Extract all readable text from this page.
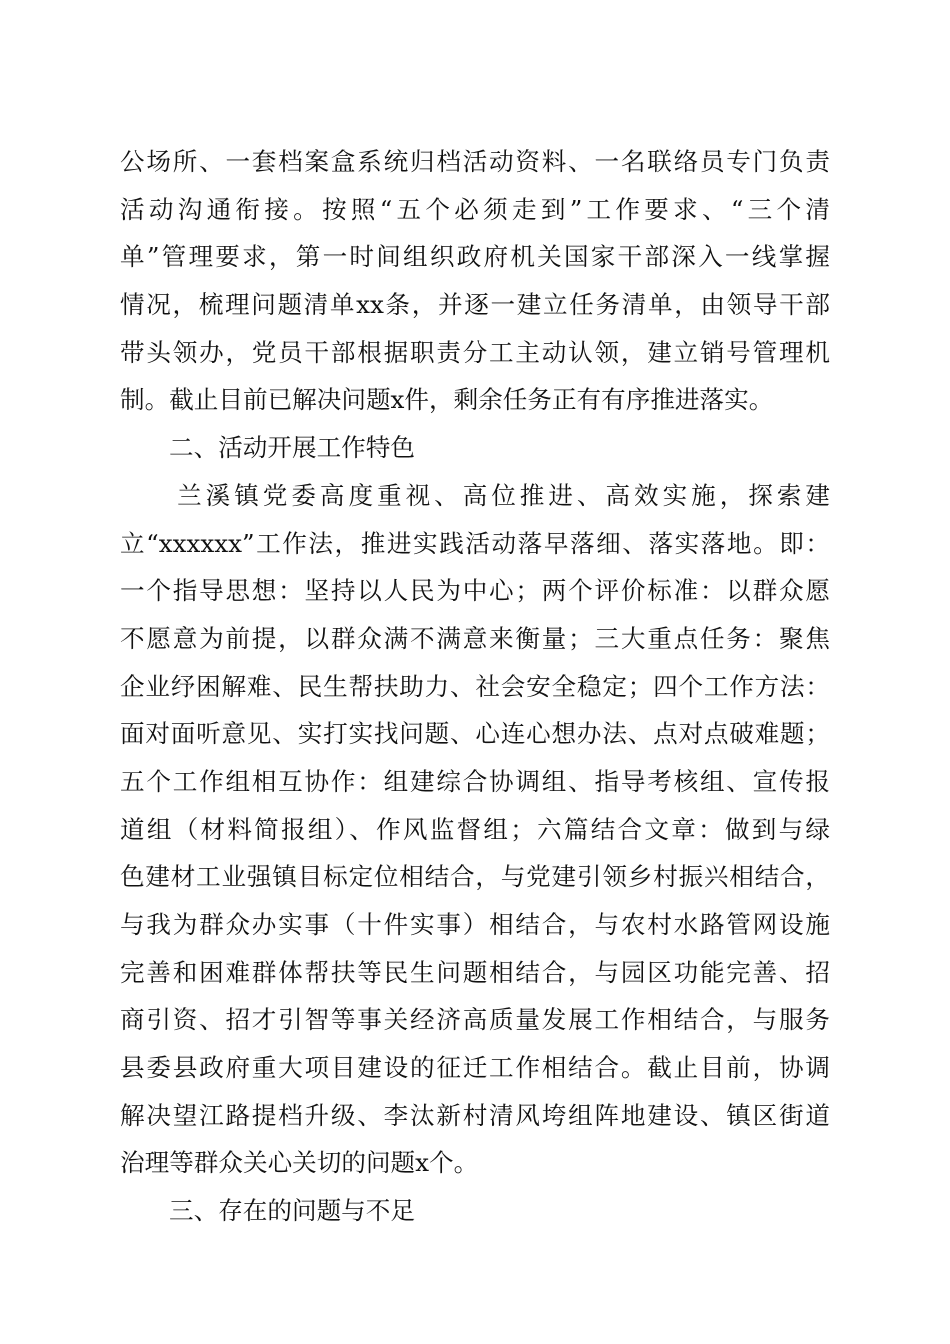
公场所、一套档案盒系统归档活动资料、一名联络员专门负责
活动沟通衔接。按照“五个必须走到”工作要求、“三个清
单”管理要求，第一时间组织政府机关国家干部深入一线掌握
情况，梳理问题清单xx条，并逐一建立任务清单，由领导干部
带头领办，党员干部根据职责分工主动认领，建立销号管理机
制。截止目前已解决问题x件，剩余任务正有有序推进落实。
二、活动开展工作特色
　　兰溪镇党委高度重视、高位推进、高效实施，探索建
立“xxxxxx”工作法，推进实践活动落早落细、落实落地。即：
一个指导思想：坚持以人民为中心；两个评价标准：以群众愿
不愿意为前提，以群众满不满意来衡量；三大重点任务：聚焦
企业纾困解难、民生帮扶助力、社会安全稳定；四个工作方法：
面对面听意见、实打实找问题、心连心想办法、点对点破难题；
五个工作组相互协作：组建综合协调组、指导考核组、宣传报
道组（材料简报组）、作风监督组；六篇结合文章：做到与绿
色建材工业强镇目标定位相结合，与党建引领乡村振兴相结合，
与我为群众办实事（十件实事）相结合，与农村水路管网设施
完善和困难群体帮扶等民生问题相结合，与园区功能完善、招
商引资、招才引智等事关经济高质量发展工作相结合，与服务
县委县政府重大项目建设的征迁工作相结合。截止目前，协调
解决望江路提档升级、李汰新村清风垮组阵地建设、镇区街道
治理等群众关心关切的问题x个。
三、存在的问题与不足
